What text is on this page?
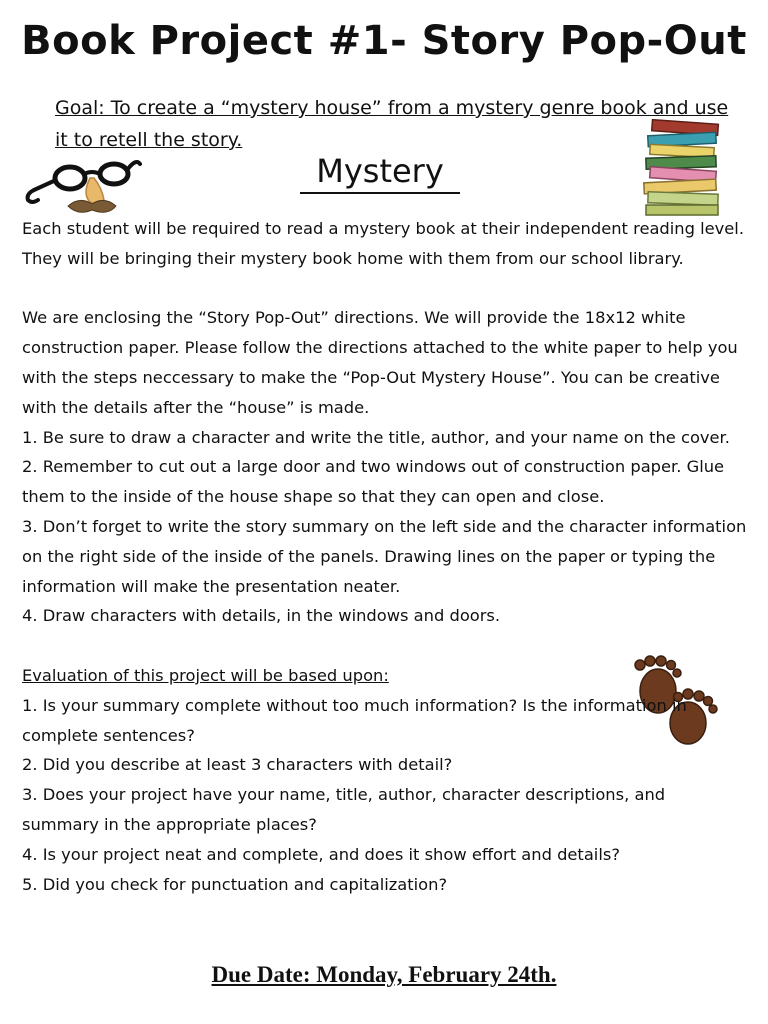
Book Project #1- Story Pop-Out
Goal: To create a “mystery house” from a mystery genre book and use it to retell the story.
Mystery

Each student will be required to read a mystery book at their independent reading level. They will be bringing their mystery book home with them from our school library.

We are enclosing the “Story Pop-Out” directions. We will provide the 18x12 white construction paper. Please follow the directions attached to the white paper to help you with the steps neccessary to make the “Pop-Out Mystery House”. You can be creative with the details after the “house” is made.

1. Be sure to draw a character and write the title, author, and your name on the cover.

2. Remember to cut out a large door and two windows out of construction paper. Glue them to the inside of the house shape so that they can open and close.

3. Don’t forget to write the story summary on the left side and the character information on the right side of the inside of the panels. Drawing lines on the paper or typing the information will make the presentation neater.

4. Draw characters with details, in the windows and doors.

Evaluation of this project will be based upon:

1. Is your summary complete without too much information? Is the information in complete sentences?

2. Did you describe at least 3 characters with detail?

3. Does your project have your name, title, author, character descriptions, and summary in the appropriate places?

4. Is your project neat and complete, and does it show effort and details?

5. Did you check for punctuation and capitalization?

Due Date: Monday, February 24th.
